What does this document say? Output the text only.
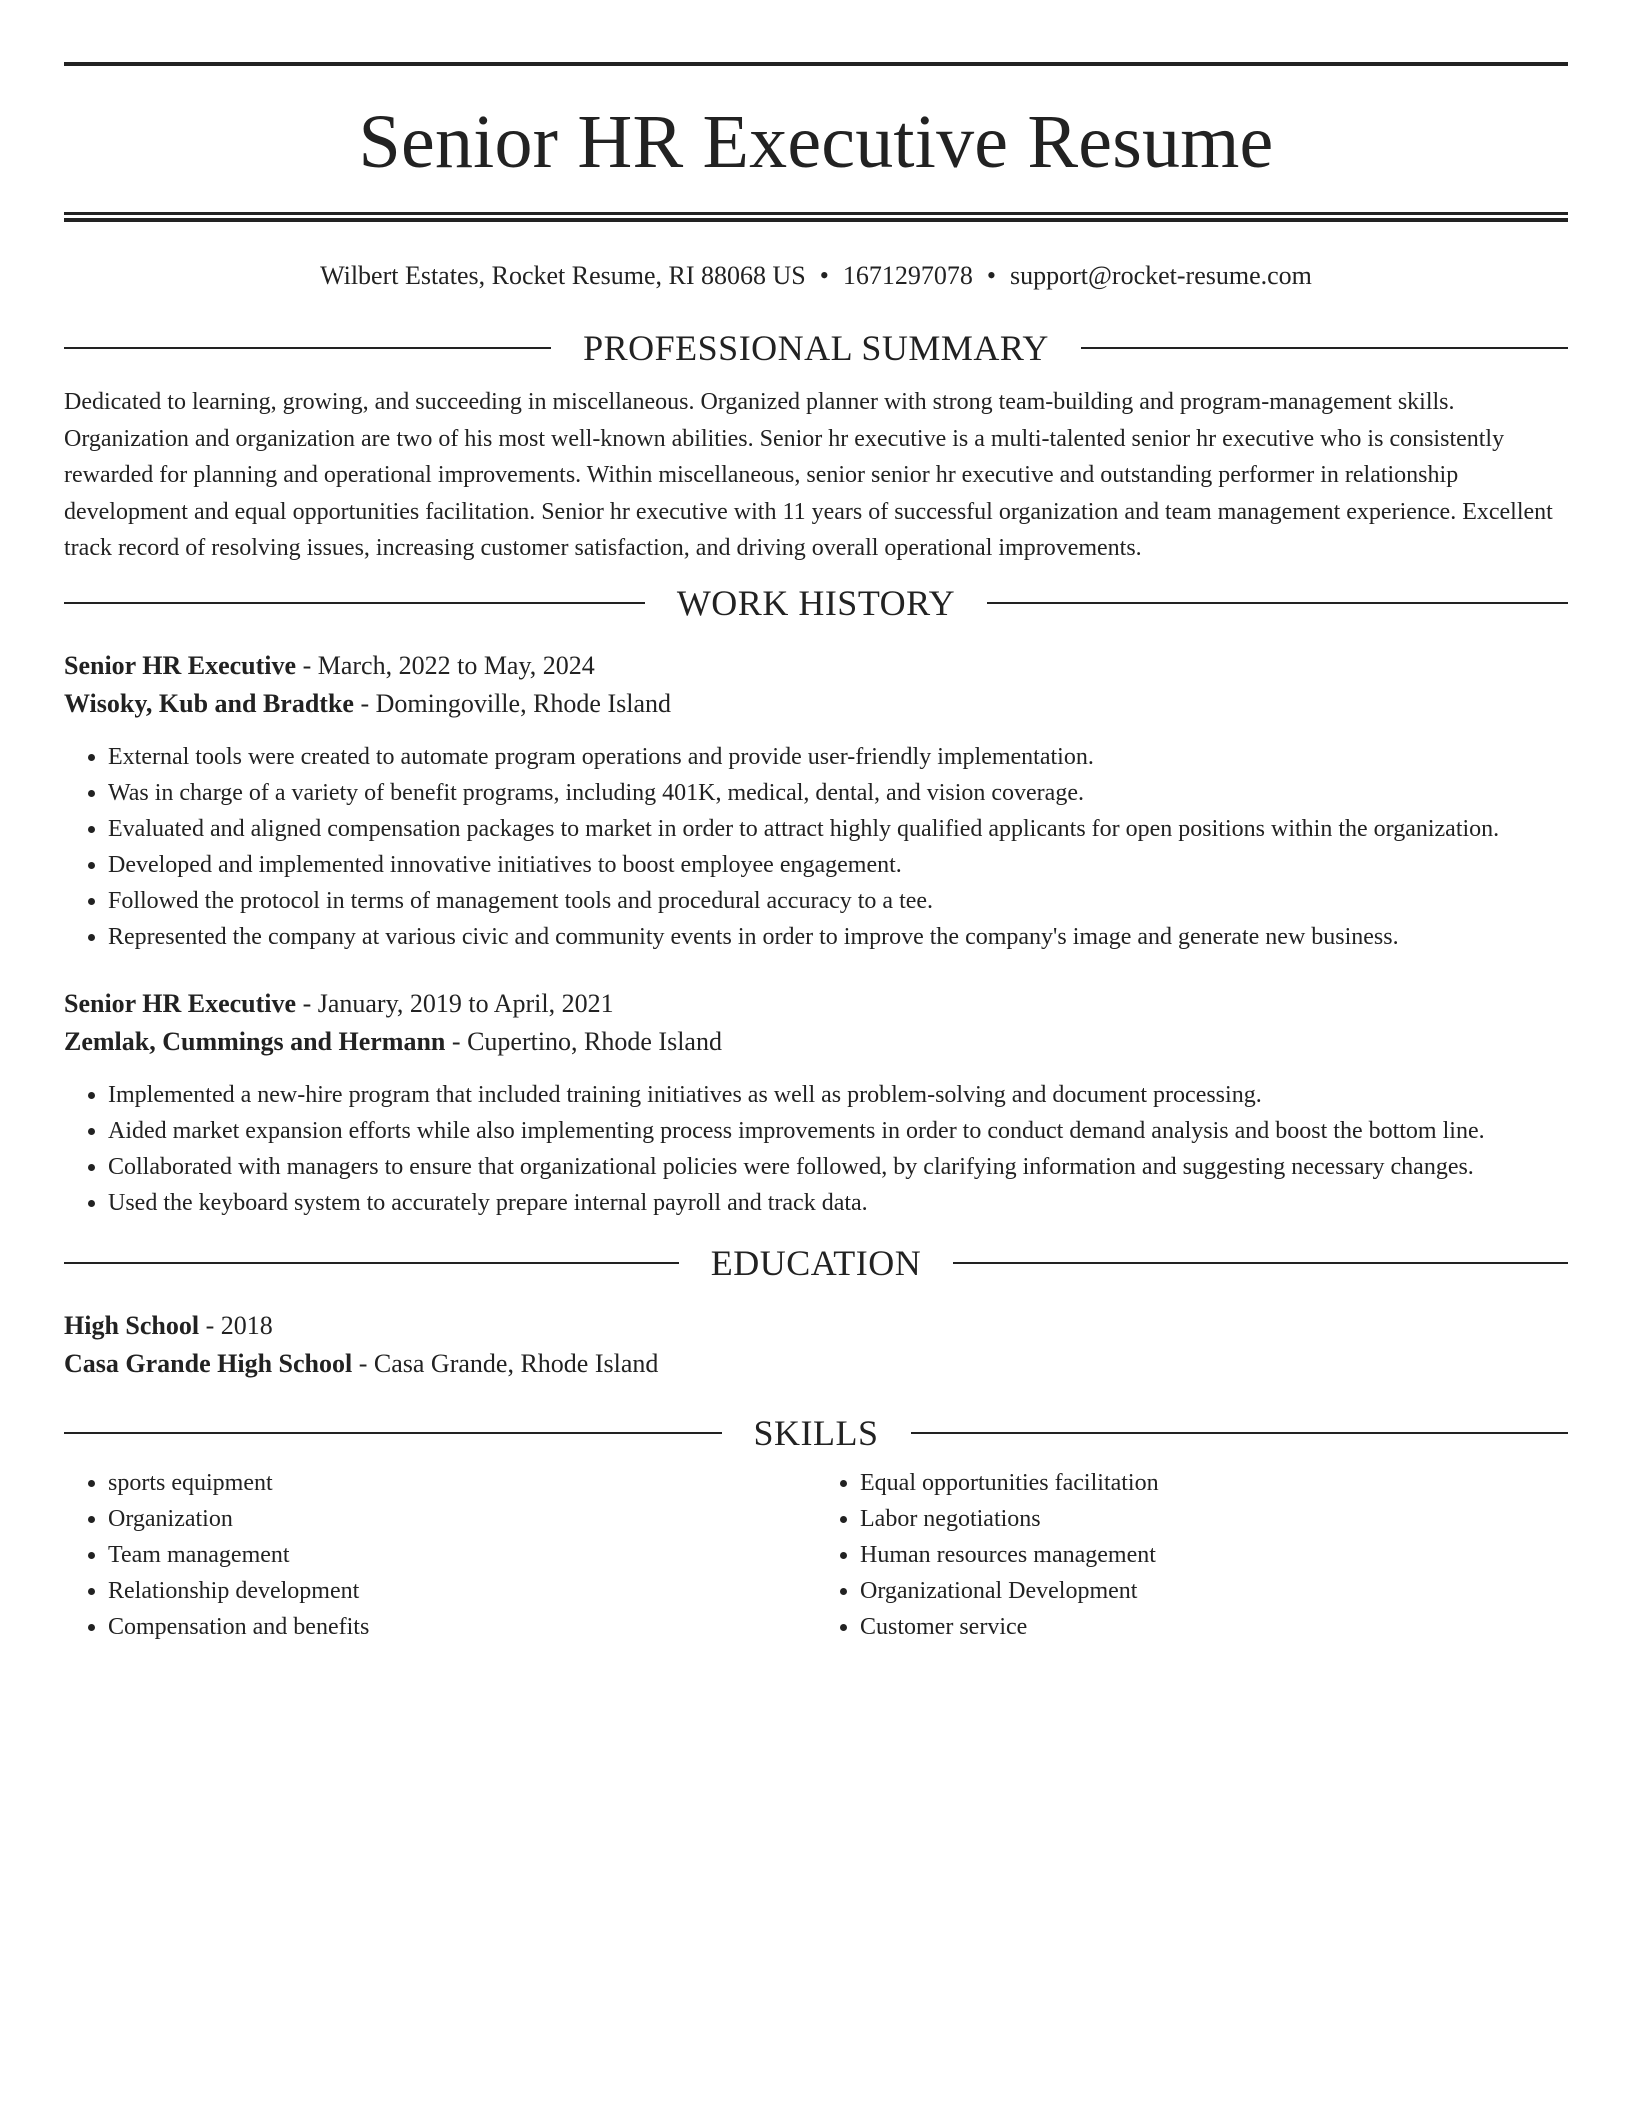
Senior HR Executive Resume
Wilbert Estates, Rocket Resume, RI 88068 US • 1671297078 • support@rocket-resume.com
PROFESSIONAL SUMMARY

Dedicated to learning, growing, and succeeding in miscellaneous. Organized planner with strong team-building and program-management skills. Organization and organization are two of his most well-known abilities. Senior hr executive is a multi-talented senior hr executive who is consistently rewarded for planning and operational improvements. Within miscellaneous, senior senior hr executive and outstanding performer in relationship development and equal opportunities facilitation. Senior hr executive with 11 years of successful organization and team management experience. Excellent track record of resolving issues, increasing customer satisfaction, and driving overall operational improvements.

WORK HISTORY
Senior HR Executive - March, 2022 to May, 2024
Wisoky, Kub and Bradtke - Domingoville, Rhode Island
• External tools were created to automate program operations and provide user-friendly implementation.
• Was in charge of a variety of benefit programs, including 401K, medical, dental, and vision coverage.
• Evaluated and aligned compensation packages to market in order to attract highly qualified applicants for open positions within the organization.
• Developed and implemented innovative initiatives to boost employee engagement.
• Followed the protocol in terms of management tools and procedural accuracy to a tee.
• Represented the company at various civic and community events in order to improve the company's image and generate new business.
Senior HR Executive - January, 2019 to April, 2021
Zemlak, Cummings and Hermann - Cupertino, Rhode Island
• Implemented a new-hire program that included training initiatives as well as problem-solving and document processing.
• Aided market expansion efforts while also implementing process improvements in order to conduct demand analysis and boost the bottom line.
• Collaborated with managers to ensure that organizational policies were followed, by clarifying information and suggesting necessary changes.
• Used the keyboard system to accurately prepare internal payroll and track data.
EDUCATION
High School - 2018
Casa Grande High School - Casa Grande, Rhode Island
SKILLS
• sports equipment
• Organization
• Team management
• Relationship development
• Compensation and benefits
• Equal opportunities facilitation
• Labor negotiations
• Human resources management
• Organizational Development
• Customer service
